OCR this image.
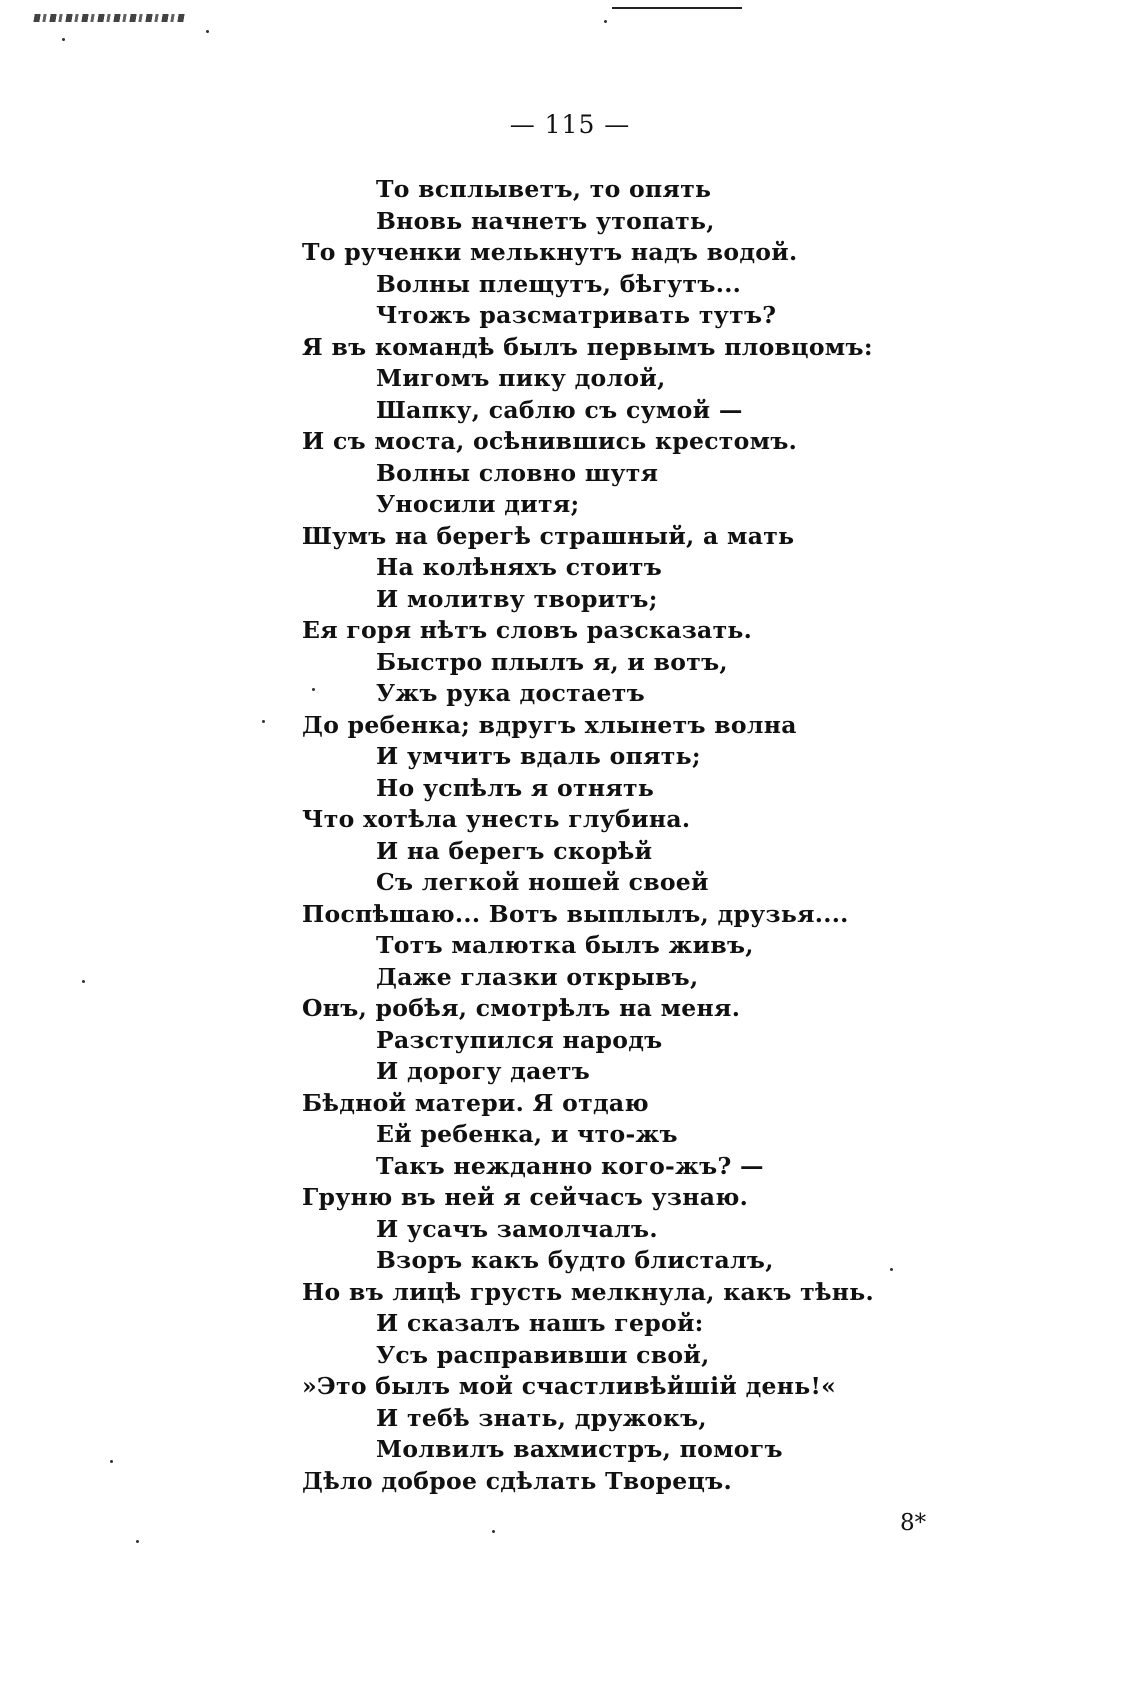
— 115 —
То всплыветъ, то опять
Вновь начнетъ утопать,
То рученки мелькнутъ надъ водой.
Волны плещутъ, бѣгутъ...
Чтожъ разсматривать тутъ?
Я въ командѣ былъ первымъ пловцомъ:
Мигомъ пику долой,
Шапку, саблю съ сумой —
И съ моста, осѣнившись крестомъ.
Волны словно шутя
Уносили дитя;
Шумъ на берегѣ страшный, а мать
На колѣняхъ стоитъ
И молитву творитъ;
Ея горя нѣтъ словъ разсказать.
Быстро плылъ я, и вотъ,
Ужъ рука достаетъ
До ребенка; вдругъ хлынетъ волна
И умчитъ вдаль опять;
Но успѣлъ я отнять
Что хотѣла унесть глубина.
И на берегъ скорѣй
Съ легкой ношей своей
Поспѣшаю... Вотъ выплылъ, друзья....
Тотъ малютка былъ живъ,
Даже глазки открывъ,
Онъ, робѣя, смотрѣлъ на меня.
Разступился народъ
И дорогу даетъ
Бѣдной матери. Я отдаю
Ей ребенка, и что-жъ
Такъ нежданно кого-жъ? —
Груню въ ней я сейчасъ узнаю.
И усачъ замолчалъ.
Взоръ какъ будто блисталъ,
Но въ лицѣ грусть мелкнула, какъ тѣнь.
И сказалъ нашъ герой:
Усъ расправивши свой,
»Это былъ мой счастливѣйшій день!«
И тебѣ знать, дружокъ,
Молвилъ вахмистръ, помогъ
Дѣло доброе сдѣлать Творецъ.
8*
